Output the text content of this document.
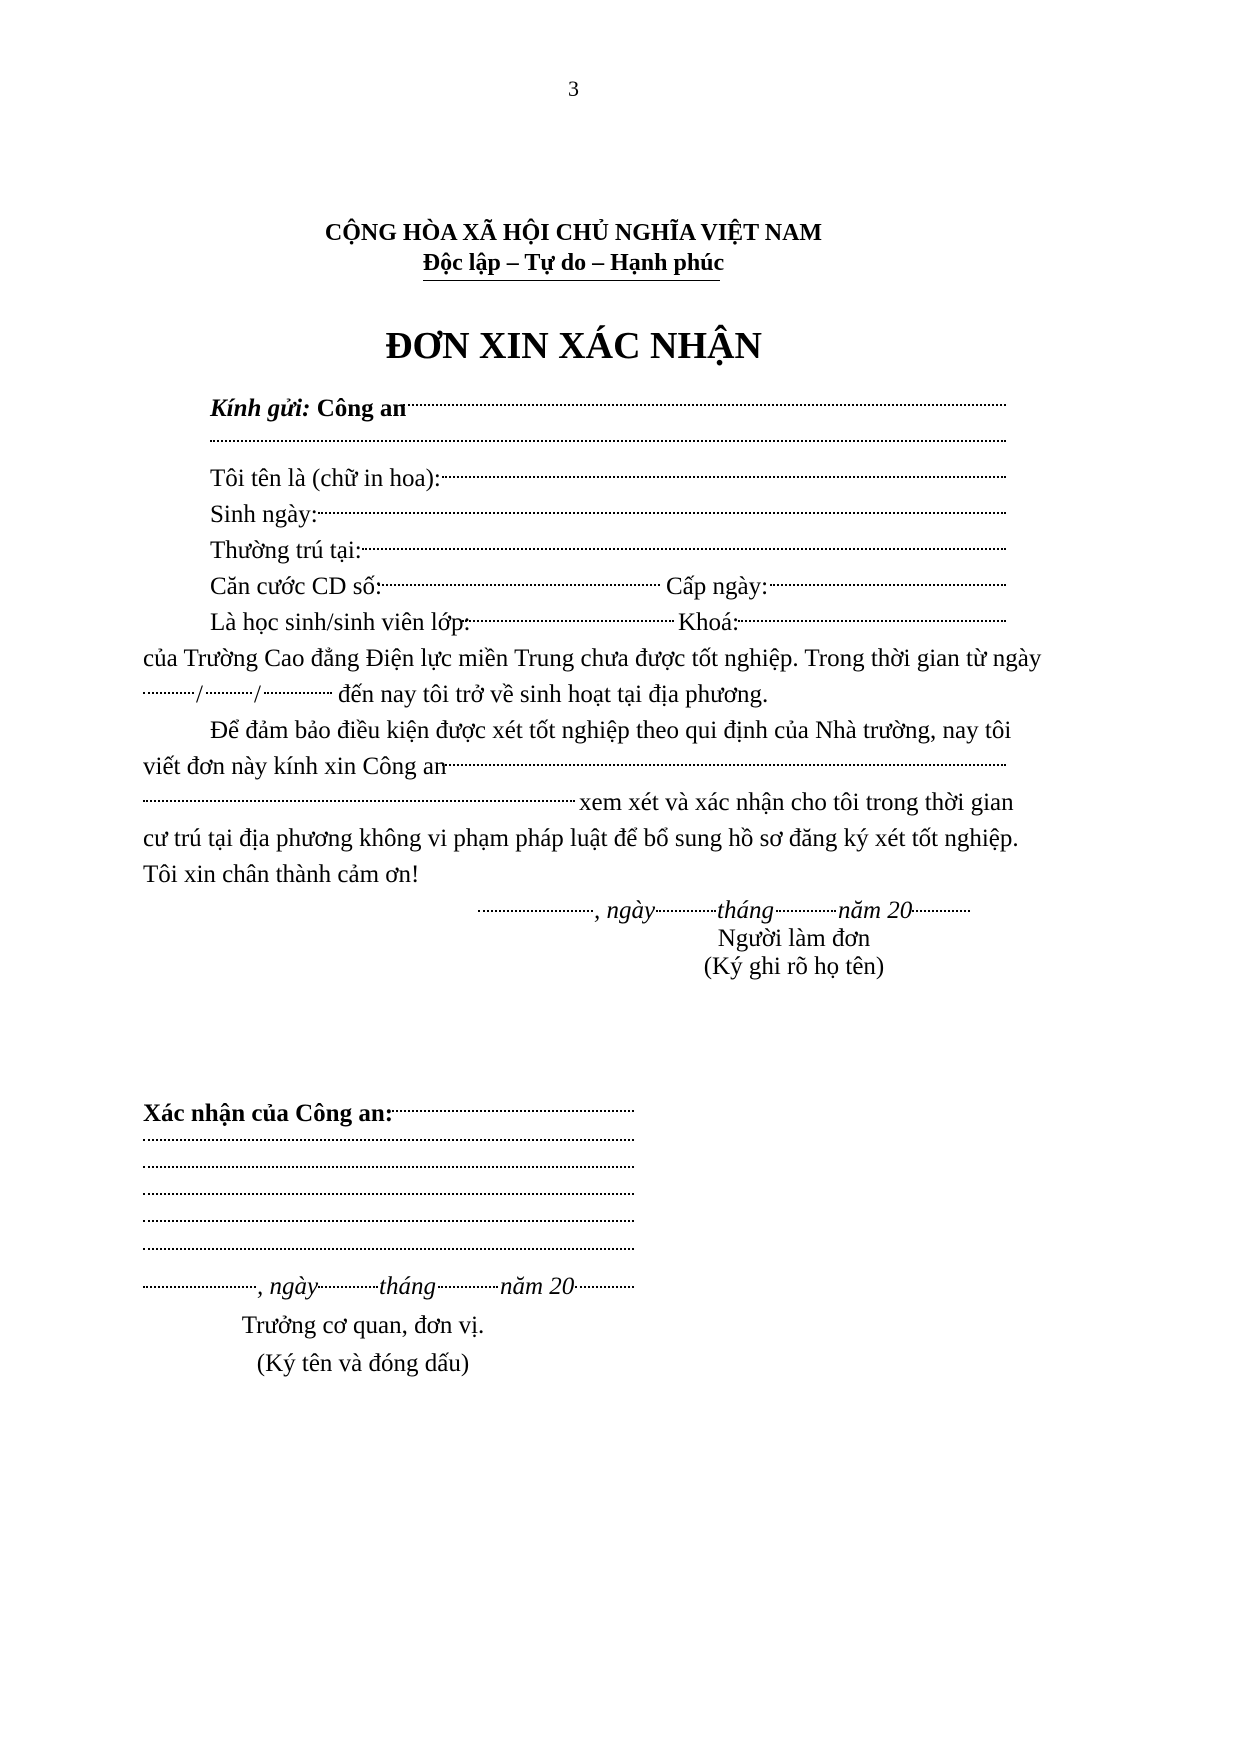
3
CỘNG HÒA XÃ HỘI CHỦ NGHĨA VIỆT NAM
Độc lập – Tự do – Hạnh phúc
ĐƠN XIN XÁC NHẬN
Kính gửi: Công an
Tôi tên là (chữ in hoa):
Sinh ngày:
Thường trú tại:
Căn cước CD số:	Cấp ngày:
Là học sinh/sinh viên lớp:	Khoá:
của Trường Cao đẳng Điện lực miền Trung chưa được tốt nghiệp. Trong thời gian từ ngày
/ /	đến nay tôi trở về sinh hoạt tại địa phương.
Để đảm bảo điều kiện được xét tốt nghiệp theo qui định của Nhà trường, nay tôi
viết đơn này kính xin Công an
xem xét và xác nhận cho tôi trong thời gian
cư trú tại địa phương không vi phạm pháp luật để bổ sung hồ sơ đăng ký xét tốt nghiệp.
Tôi xin chân thành cảm ơn!
, ngày tháng	năm 20
Người làm đơn
(Ký ghi rõ họ tên)
Xác nhận của Công an:
, ngày tháng	năm 20
Trưởng cơ quan, đơn vị.
(Ký tên và đóng dấu)
